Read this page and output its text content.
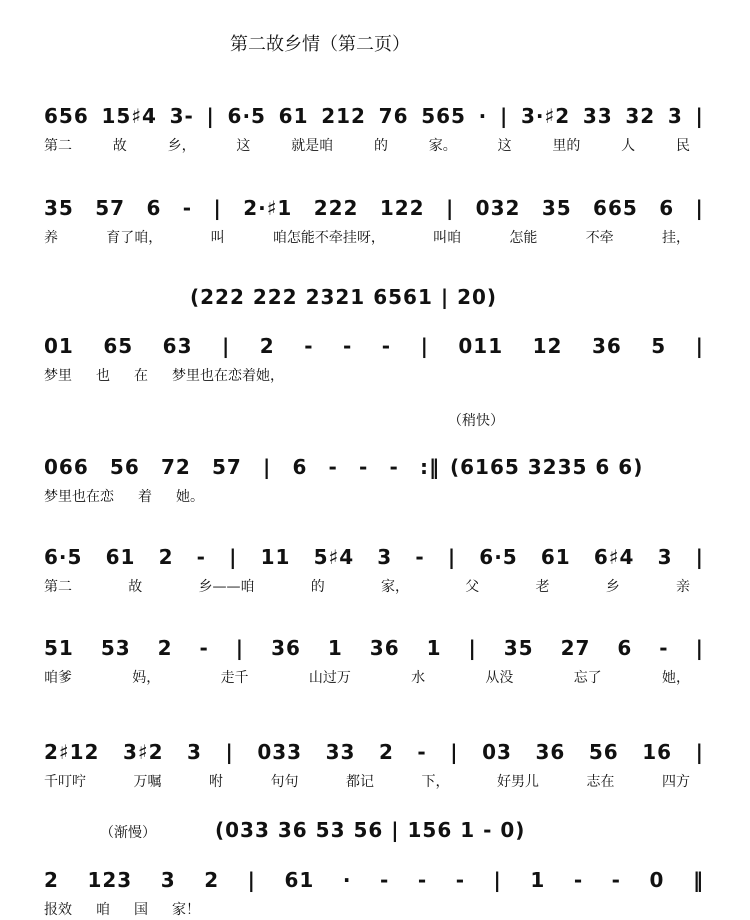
第二故乡情（第二页）
656 15♯4 3- | 6·5 61 212 76 565 · | 3·♯2 33 32 3 |
第二	故	乡，	这	就是咱	的	家。	这	里的	人	民
35 57 6 - | 2·♯1 222 122 | 032 35 665 6 |
养	育了咱，	叫	咱怎能不牵挂呀，	叫咱	怎能	不牵	挂，
01 65 63 | 2 - - - | 011 12 36 5 |
梦里 也 在 梦里也在恋着她，
066 56 72 57 | 6 - - - :‖
梦里也在恋 着 她。
6·5 61 2 - | 11 5♯4 3 - | 6·5 61 6♯4 3 |
第二	故	乡——咱	的	家，	父	老	乡	亲
51 53 2 - | 36 1 36 1 | 35 27 6 - |
咱爹	妈，	走千	山过万	水	从没	忘了	她，
2♯12 3♯2 3 | 033 33 2 - | 03 36 56 16 |
千叮咛	万嘱	咐	句句	都记	下，	好男儿	志在	四方
2 123 3 2 | 61 · - - - | 1 - - 0 ‖
报效 咱 国 家！
(222 222 2321 6561 | 20)
（稍快）
(6165 3235 6 6)
（渐慢）	(033 36 53 56 | 156 1 - 0)
